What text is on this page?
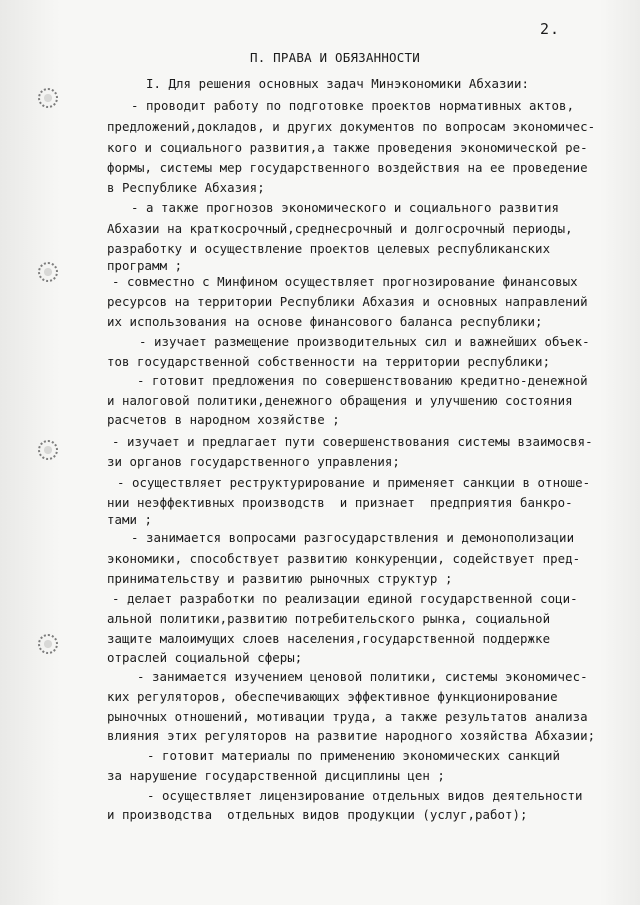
2.
П. ПРАВА И ОБЯЗАННОСТИ
I. Для решения основных задач Минэкономики Абхазии:
- проводит работу по подготовке проектов нормативных актов,
предложений,докладов, и других документов по вопросам экономичес-
кого и социального развития,а также проведения экономической ре-
формы, системы мер государственного воздействия на ее проведение
в Республике Абхазия;
- а также прогнозов экономического и социального развития
Абхазии на краткосрочный,среднесрочный и долгосрочный периоды,
разработку и осуществление проектов целевых республиканских
программ ;
- совместно с Минфином осуществляет прогнозирование финансовых
ресурсов на территории Республики Абхазия и основных направлений
их использования на основе финансового баланса республики;
- изучает размещение производительных сил и важнейших объек-
тов государственной собственности на территории республики;
- готовит предложения по совершенствованию кредитно-денежной
и налоговой политики,денежного обращения и улучшению состояния
расчетов в народном хозяйстве ;
- изучает и предлагает пути совершенствования системы взаимосвя-
зи органов государственного управления;
- осуществляет реструктурирование и применяет санкции в отноше-
нии неэффективных производств  и признает  предприятия банкро-
тами ;
- занимается вопросами разгосударствления и демонополизации
экономики, способствует развитию конкуренции, содействует пред-
принимательству и развитию рыночных структур ;
- делает разработки по реализации единой государственной соци-
альной политики,развитию потребительского рынка, социальной
защите малоимущих слоев населения,государственной поддержке
отраслей социальной сферы;
- занимается изучением ценовой политики, системы экономичес-
ких регуляторов, обеспечивающих эффективное функционирование
рыночных отношений, мотивации труда, а также результатов анализа
влияния этих регуляторов на развитие народного хозяйства Абхазии;
- готовит материалы по применению экономических санкций
за нарушение государственной дисциплины цен ;
- осуществляет лицензирование отдельных видов деятельности
и производства  отдельных видов продукции (услуг,работ);
